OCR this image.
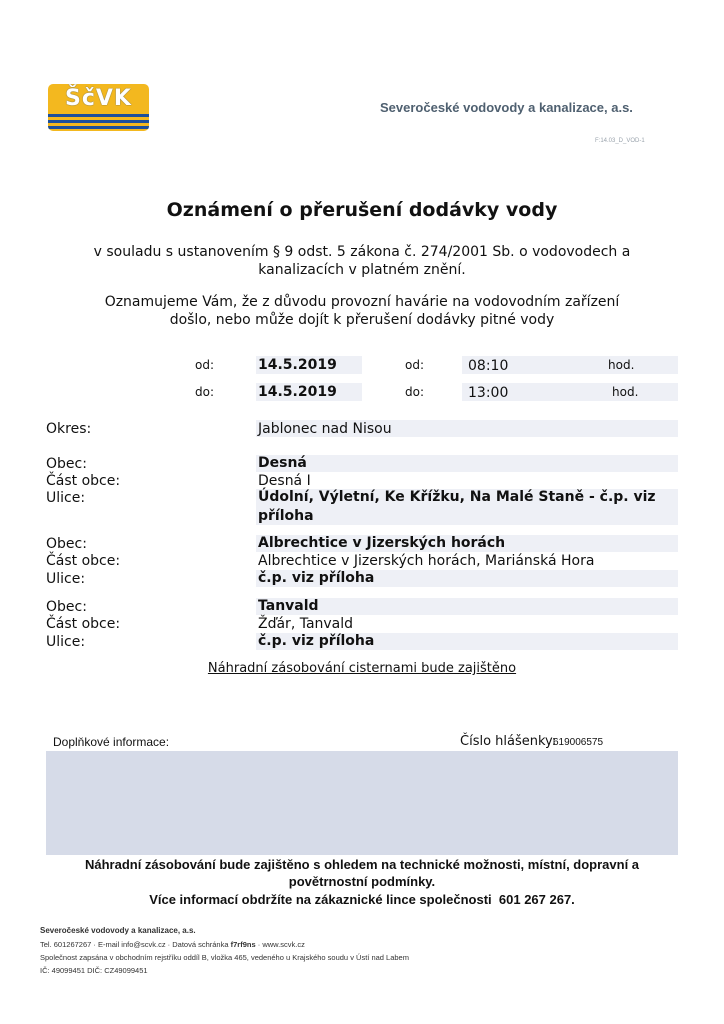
ŠčVK	Severočeské vodovody a kanalizace, a.s.
F:14.03_D_VOD-1
Oznámení o přerušení dodávky vody
v souladu s ustanovením § 9 odst. 5 zákona č. 274/2001 Sb. o vodovodech a
kanalizacích v platném znění.
Oznamujeme Vám, že z důvodu provozní havárie na vodovodním zařízení
došlo, nebo může dojít k přerušení dodávky pitné vody
od:	14.5.2019	od:	08:10	hod.
do:	14.5.2019	do:	13:00	hod.
Okres:	Jablonec nad Nisou
Obec:	Desná
Část obce:	Desná I
Ulice:	Údolní, Výletní, Ke Křížku, Na Malé Staně - č.p. viz
příloha
Obec:	Albrechtice v Jizerských horách
Část obce:	Albrechtice v Jizerských horách, Mariánská Hora
Ulice:	č.p. viz příloha
Obec:	Tanvald
Část obce:	Žďár, Tanvald
Ulice:	č.p. viz příloha
Náhradní zásobování cisternami bude zajištěno
Doplňkové informace:	Číslo hlášenky:
619006575
Náhradní zásobování bude zajištěno s ohledem na technické možnosti, místní, dopravní a
povětrnostní podmínky.
Více informací obdržíte na zákaznické lince společnosti 601 267 267.
Severočeské vodovody a kanalizace, a.s.
Tel. 601267267 · E-mail info@scvk.cz · Datová schránka f7rf9ns · www.scvk.cz
Společnost zapsána v obchodním rejstříku oddíl B, vložka 465, vedeného u Krajského soudu v Ústí nad Labem
IČ: 49099451 DIČ: CZ49099451
